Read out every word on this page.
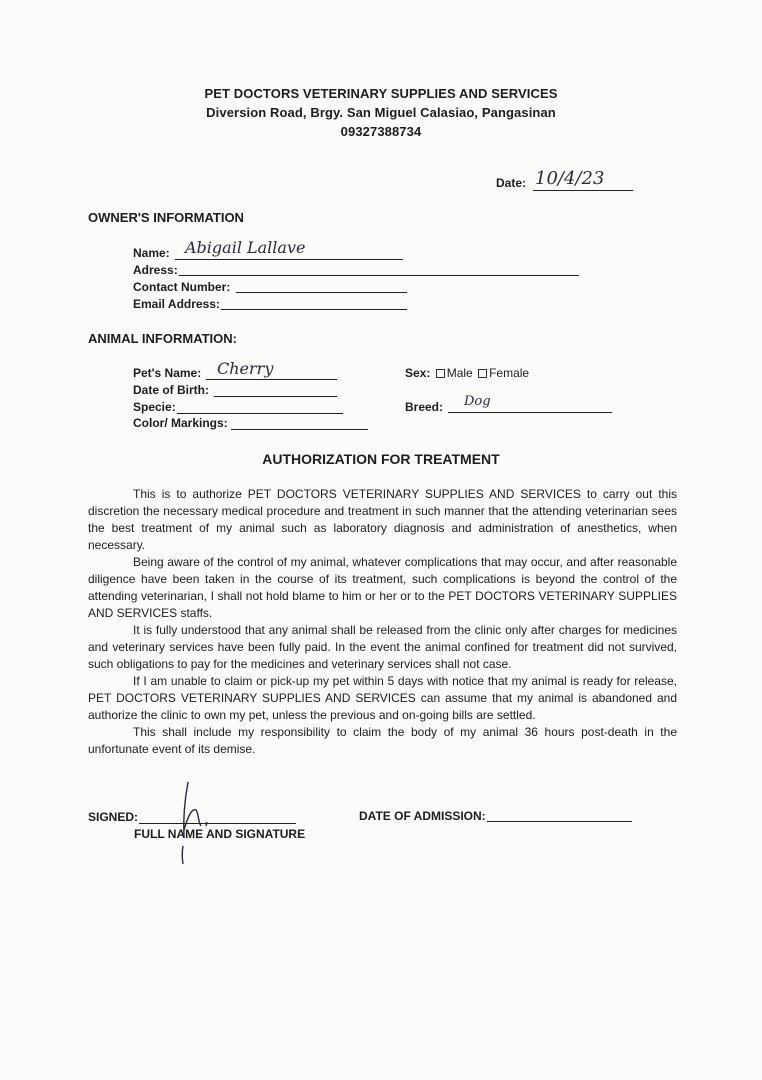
PET DOCTORS VETERINARY SUPPLIES AND SERVICES
Diversion Road, Brgy. San Miguel Calasiao, Pangasinan
09327388734
Date: 10/4/23
OWNER'S INFORMATION
Name: Abigail Lallave
Adress:
Contact Number:
Email Address:
ANIMAL INFORMATION:
Pet's Name: Cherry
Date of Birth:
Specie:
Color/ Markings:
Sex: Male Female
Breed: Dog
AUTHORIZATION FOR TREATMENT

This is to authorize PET DOCTORS VETERINARY SUPPLIES AND SERVICES to carry out this discretion the necessary medical procedure and treatment in such manner that the attending veterinarian sees the best treatment of my animal such as laboratory diagnosis and administration of anesthetics, when necessary.

Being aware of the control of my animal, whatever complications that may occur, and after reasonable diligence have been taken in the course of its treatment, such complications is beyond the control of the attending veterinarian, I shall not hold blame to him or her or to the PET DOCTORS VETERINARY SUPPLIES AND SERVICES staffs.

It is fully understood that any animal shall be released from the clinic only after charges for medicines and veterinary services have been fully paid. In the event the animal confined for treatment did not survived, such obligations to pay for the medicines and veterinary services shall not case.

If I am unable to claim or pick-up my pet within 5 days with notice that my animal is ready for release, PET DOCTORS VETERINARY SUPPLIES AND SERVICES can assume that my animal is abandoned and authorize the clinic to own my pet, unless the previous and on-going bills are settled.

This shall include my responsibility to claim the body of my animal 36 hours post-death in the unfortunate event of its demise.

SIGNED:
FULL NAME AND SIGNATURE
DATE OF ADMISSION:
